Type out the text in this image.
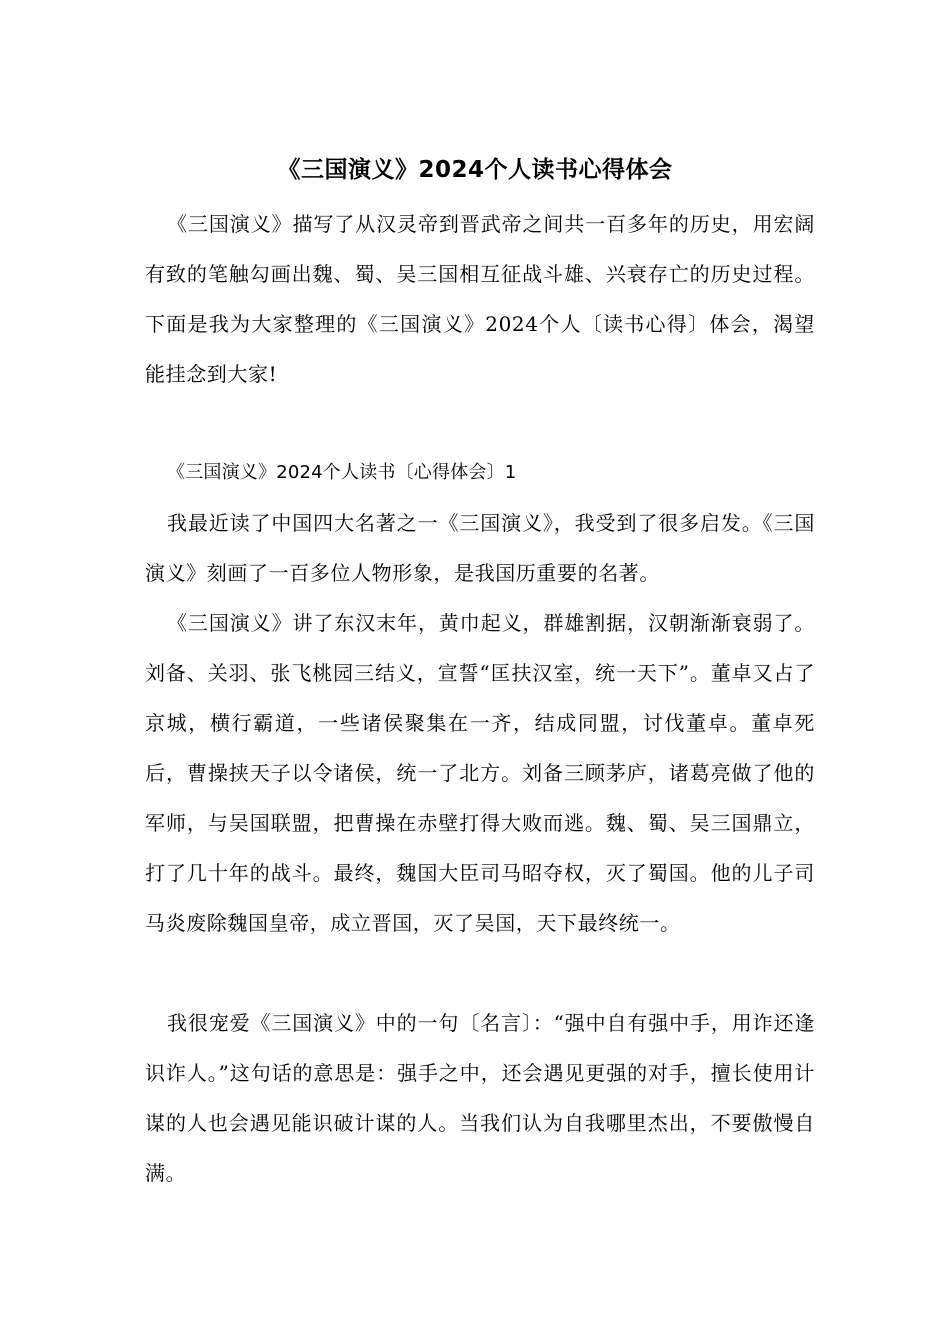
《三国演义》2024个人读书心得体会

《三国演义》描写了从汉灵帝到晋武帝之间共一百多年的历史，用宏阔有致的笔触勾画出魏、蜀、吴三国相互征战斗雄、兴衰存亡的历史过程。下面是我为大家整理的《三国演义》2024个人〔读书心得〕体会，渴望能挂念到大家!

《三国演义》2024个人读书〔心得体会〕1

我最近读了中国四大名著之一《三国演义》，我受到了很多启发。《三国演义》刻画了一百多位人物形象，是我国历重要的名著。

《三国演义》讲了东汉末年，黄巾起义，群雄割据，汉朝渐渐衰弱了。刘备、关羽、张飞桃园三结义，宣誓“匡扶汉室，统一天下”。董卓又占了京城，横行霸道，一些诸侯聚集在一齐，结成同盟，讨伐董卓。董卓死后，曹操挟天子以令诸侯，统一了北方。刘备三顾茅庐，诸葛亮做了他的军师，与吴国联盟，把曹操在赤壁打得大败而逃。魏、蜀、吴三国鼎立，打了几十年的战斗。最终，魏国大臣司马昭夺权，灭了蜀国。他的儿子司马炎废除魏国皇帝，成立晋国，灭了吴国，天下最终统一。

我很宠爱《三国演义》中的一句〔名言〕：“强中自有强中手，用诈还逢识诈人。”这句话的意思是：强手之中，还会遇见更强的对手，擅长使用计谋的人也会遇见能识破计谋的人。当我们认为自我哪里杰出，不要傲慢自满。
